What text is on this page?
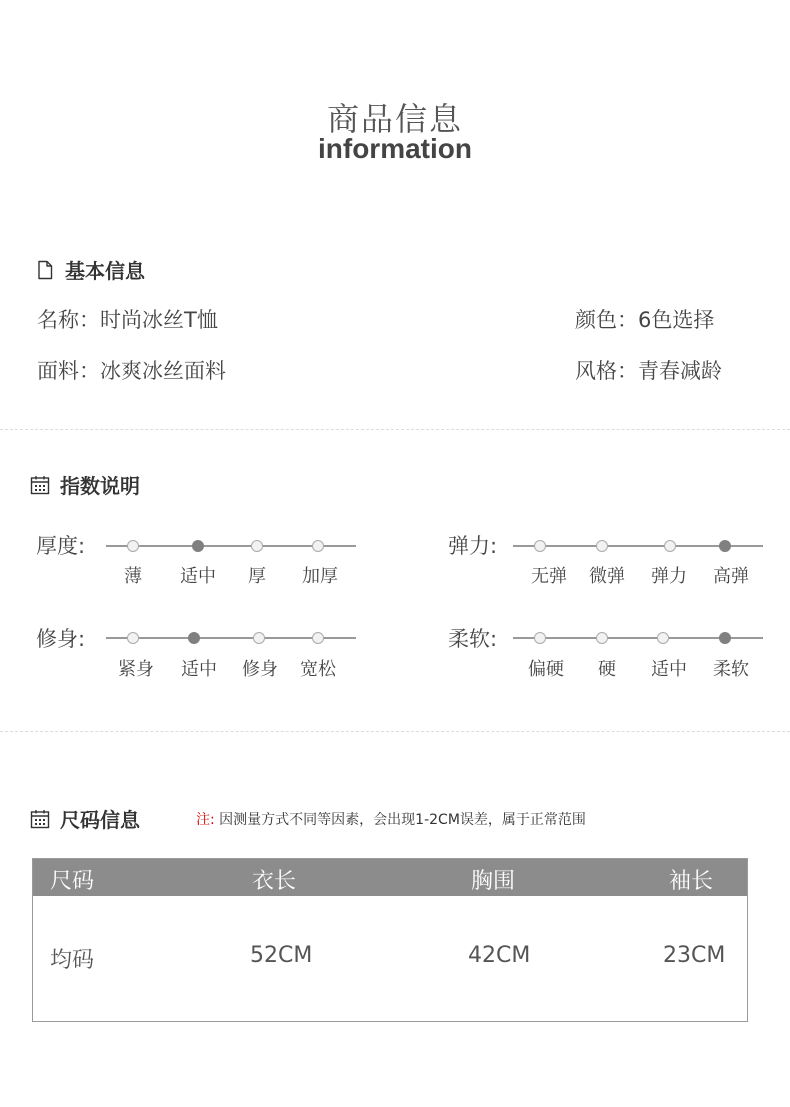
商品信息
information
基本信息
名称：时尚冰丝T恤
面料：冰爽冰丝面料
颜色：6色选择
风格：青春减龄
指数说明
厚度:
薄	适中	厚	加厚
弹力:
无弹	微弹	弹力	高弹
修身:
紧身	适中	修身	宽松
柔软:
偏硬	硬	适中	柔软
尺码信息	注: 因测量方式不同等因素，会出现1-2CM误差，属于正常范围
尺码	衣长	胸围	袖长
均码	52CM	42CM	23CM
